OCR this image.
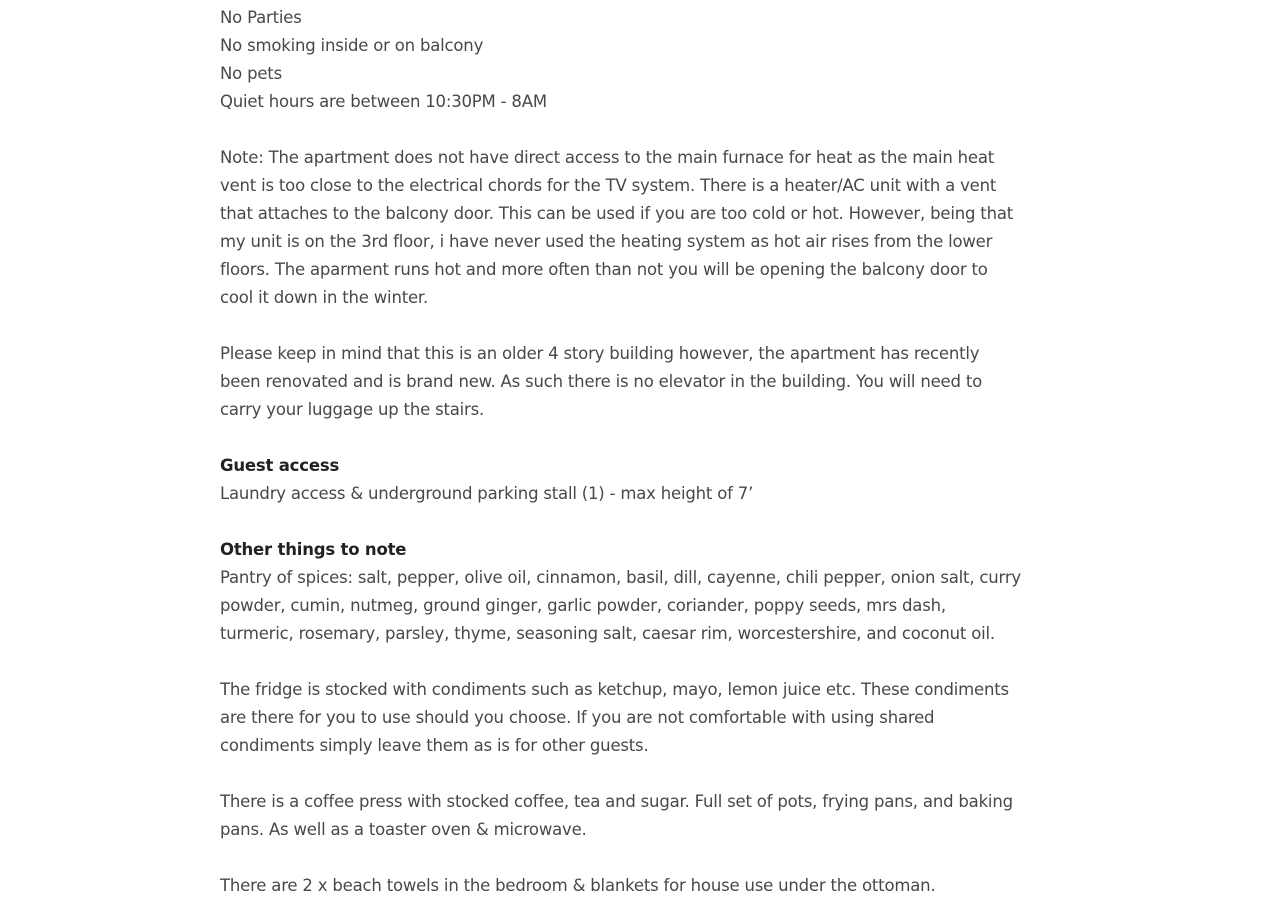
No Parties
No smoking inside or on balcony
No pets
Quiet hours are between 10:30PM - 8AM
Note: The apartment does not have direct access to the main furnace for heat as the main heat
vent is too close to the electrical chords for the TV system. There is a heater/AC unit with a vent
that attaches to the balcony door. This can be used if you are too cold or hot. However, being that
my unit is on the 3rd floor, i have never used the heating system as hot air rises from the lower
floors. The aparment runs hot and more often than not you will be opening the balcony door to
cool it down in the winter.
Please keep in mind that this is an older 4 story building however, the apartment has recently
been renovated and is brand new. As such there is no elevator in the building. You will need to
carry your luggage up the stairs.
Guest access
Laundry access & underground parking stall (1) - max height of 7’
Other things to note
Pantry of spices: salt, pepper, olive oil, cinnamon, basil, dill, cayenne, chili pepper, onion salt, curry
powder, cumin, nutmeg, ground ginger, garlic powder, coriander, poppy seeds, mrs dash,
turmeric, rosemary, parsley, thyme, seasoning salt, caesar rim, worcestershire, and coconut oil.
The fridge is stocked with condiments such as ketchup, mayo, lemon juice etc. These condiments
are there for you to use should you choose. If you are not comfortable with using shared
condiments simply leave them as is for other guests.
There is a coffee press with stocked coffee, tea and sugar. Full set of pots, frying pans, and baking
pans. As well as a toaster oven & microwave.
There are 2 x beach towels in the bedroom & blankets for house use under the ottoman.
